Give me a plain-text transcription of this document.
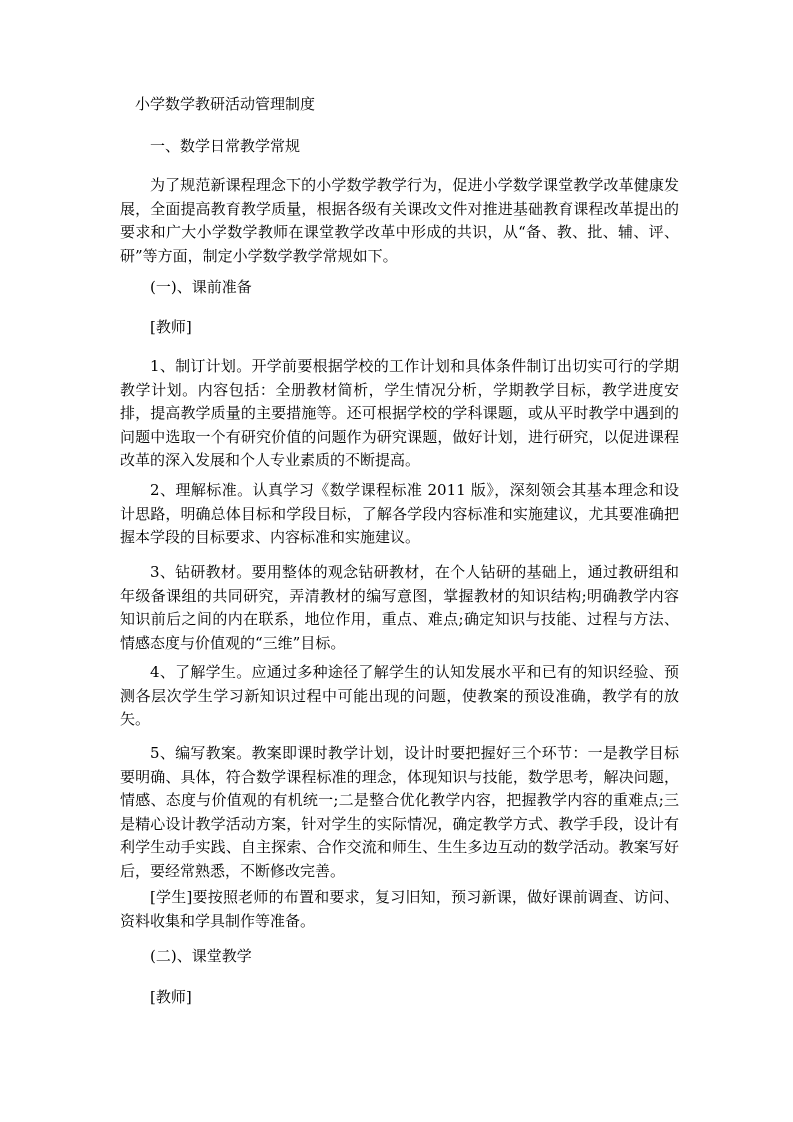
小学数学教研活动管理制度
一、数学日常教学常规
为了规范新课程理念下的小学数学教学行为，促进小学数学课堂教学改革健康发展，全面提高教育教学质量，根据各级有关课改文件对推进基础教育课程改革提出的要求和广大小学数学教师在课堂教学改革中形成的共识，从“备、教、批、辅、评、研”等方面，制定小学数学教学常规如下。
(一)、课前准备
[教师]
1、制订计划。开学前要根据学校的工作计划和具体条件制订出切实可行的学期教学计划。内容包括：全册教材简析，学生情况分析，学期教学目标，教学进度安排，提高教学质量的主要措施等。还可根据学校的学科课题，或从平时教学中遇到的问题中选取一个有研究价值的问题作为研究课题，做好计划，进行研究，以促进课程改革的深入发展和个人专业素质的不断提高。
2、理解标准。认真学习《数学课程标准 2011 版》，深刻领会其基本理念和设计思路，明确总体目标和学段目标，了解各学段内容标准和实施建议，尤其要准确把握本学段的目标要求、内容标准和实施建议。
3、钻研教材。要用整体的观念钻研教材，在个人钻研的基础上，通过教研组和年级备课组的共同研究，弄清教材的编写意图，掌握教材的知识结构;明确教学内容知识前后之间的内在联系，地位作用，重点、难点;确定知识与技能、过程与方法、情感态度与价值观的“三维”目标。
4、了解学生。应通过多种途径了解学生的认知发展水平和已有的知识经验、预测各层次学生学习新知识过程中可能出现的问题，使教案的预设准确，教学有的放矢。
5、编写教案。教案即课时教学计划，设计时要把握好三个环节：一是教学目标要明确、具体，符合数学课程标准的理念，体现知识与技能，数学思考，解决问题，情感、态度与价值观的有机统一;二是整合优化教学内容，把握教学内容的重难点;三是精心设计教学活动方案，针对学生的实际情况，确定教学方式、教学手段，设计有利学生动手实践、自主探索、合作交流和师生、生生多边互动的数学活动。教案写好后，要经常熟悉，不断修改完善。
[学生]要按照老师的布置和要求，复习旧知，预习新课，做好课前调查、访问、资料收集和学具制作等准备。
(二)、课堂教学
[教师]
